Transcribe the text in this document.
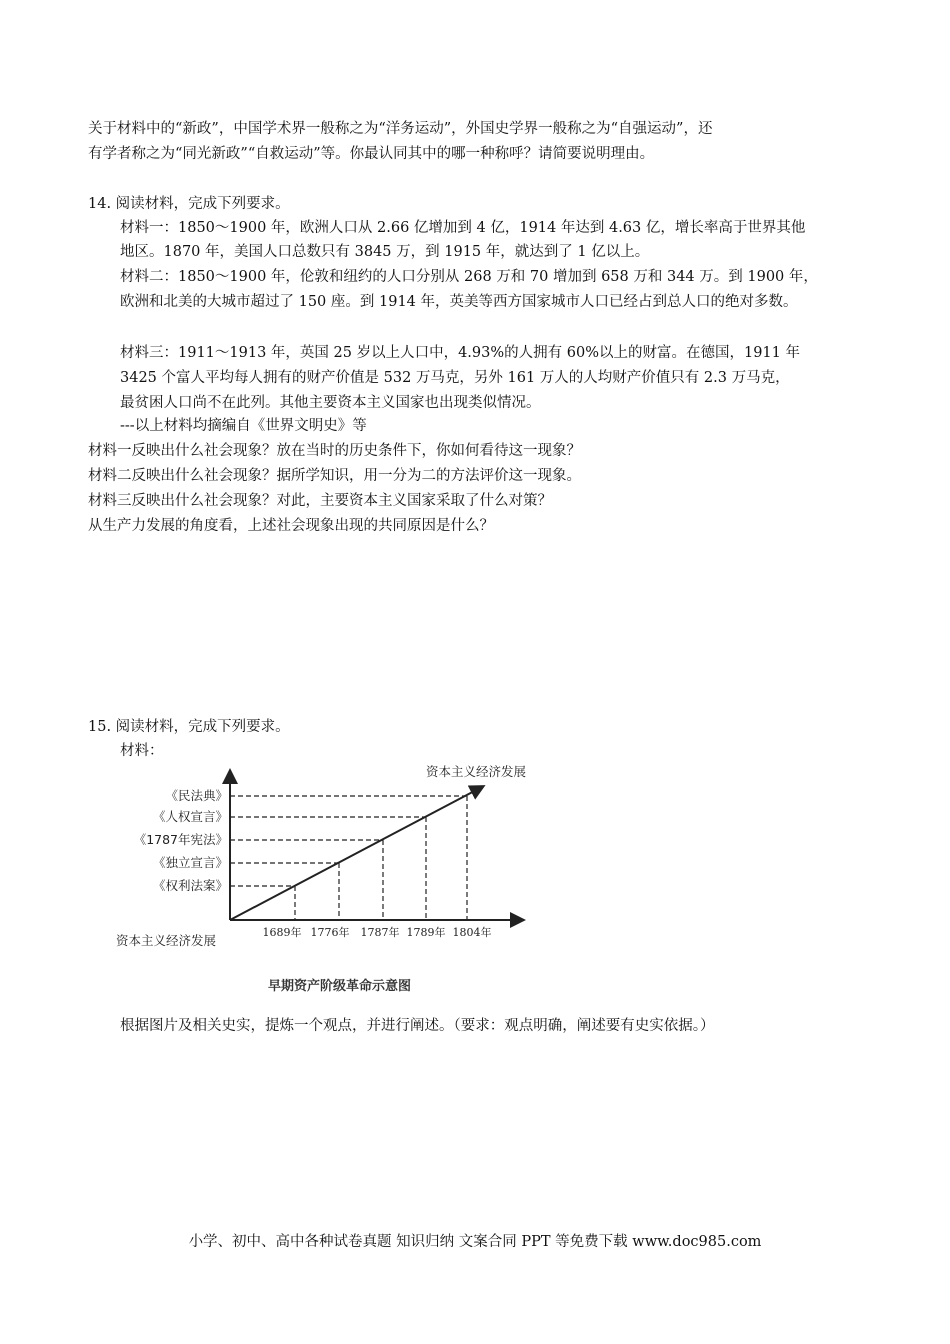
关于材料中的“新政”，中国学术界一般称之为“洋务运动”，外国史学界一般称之为“自强运动”，还
有学者称之为“同光新政”“自救运动”等。你最认同其中的哪一种称呼？请简要说明理由。
14. 阅读材料，完成下列要求。
材料一：1850～1900 年，欧洲人口从 2.66 亿增加到 4 亿，1914 年达到 4.63 亿，增长率高于世界其他
地区。1870 年，美国人口总数只有 3845 万，到 1915 年，就达到了 1 亿以上。
材料二：1850～1900 年，伦敦和纽约的人口分别从 268 万和 70 增加到 658 万和 344 万。到 1900 年，
欧洲和北美的大城市超过了 150 座。到 1914 年，英美等西方国家城市人口已经占到总人口的绝对多数。
材料三：1911～1913 年，英国 25 岁以上人口中，4.93%的人拥有 60%以上的财富。在德国，1911 年
3425 个富人平均每人拥有的财产价值是 532 万马克，另外 161 万人的人均财产价值只有 2.3 万马克，
最贫困人口尚不在此列。其他主要资本主义国家也出现类似情况。
---以上材料均摘编自《世界文明史》等
材料一反映出什么社会现象？放在当时的历史条件下，你如何看待这一现象？
材料二反映出什么社会现象？据所学知识，用一分为二的方法评价这一现象。
材料三反映出什么社会现象？对此，主要资本主义国家采取了什么对策？
从生产力发展的角度看，上述社会现象出现的共同原因是什么？
15. 阅读材料，完成下列要求。
材料：
《民法典》
《人权宣言》
《1787年宪法》
《独立宣言》
《权利法案》
1689年 1776年 1787年 1789年 1804年
资本主义经济发展
资本主义经济发展
早期资产阶级革命示意图
根据图片及相关史实，提炼一个观点，并进行阐述。（要求：观点明确，阐述要有史实依据。）
小学、初中、高中各种试卷真题 知识归纳 文案合同 PPT 等免费下载 www.doc985.com
